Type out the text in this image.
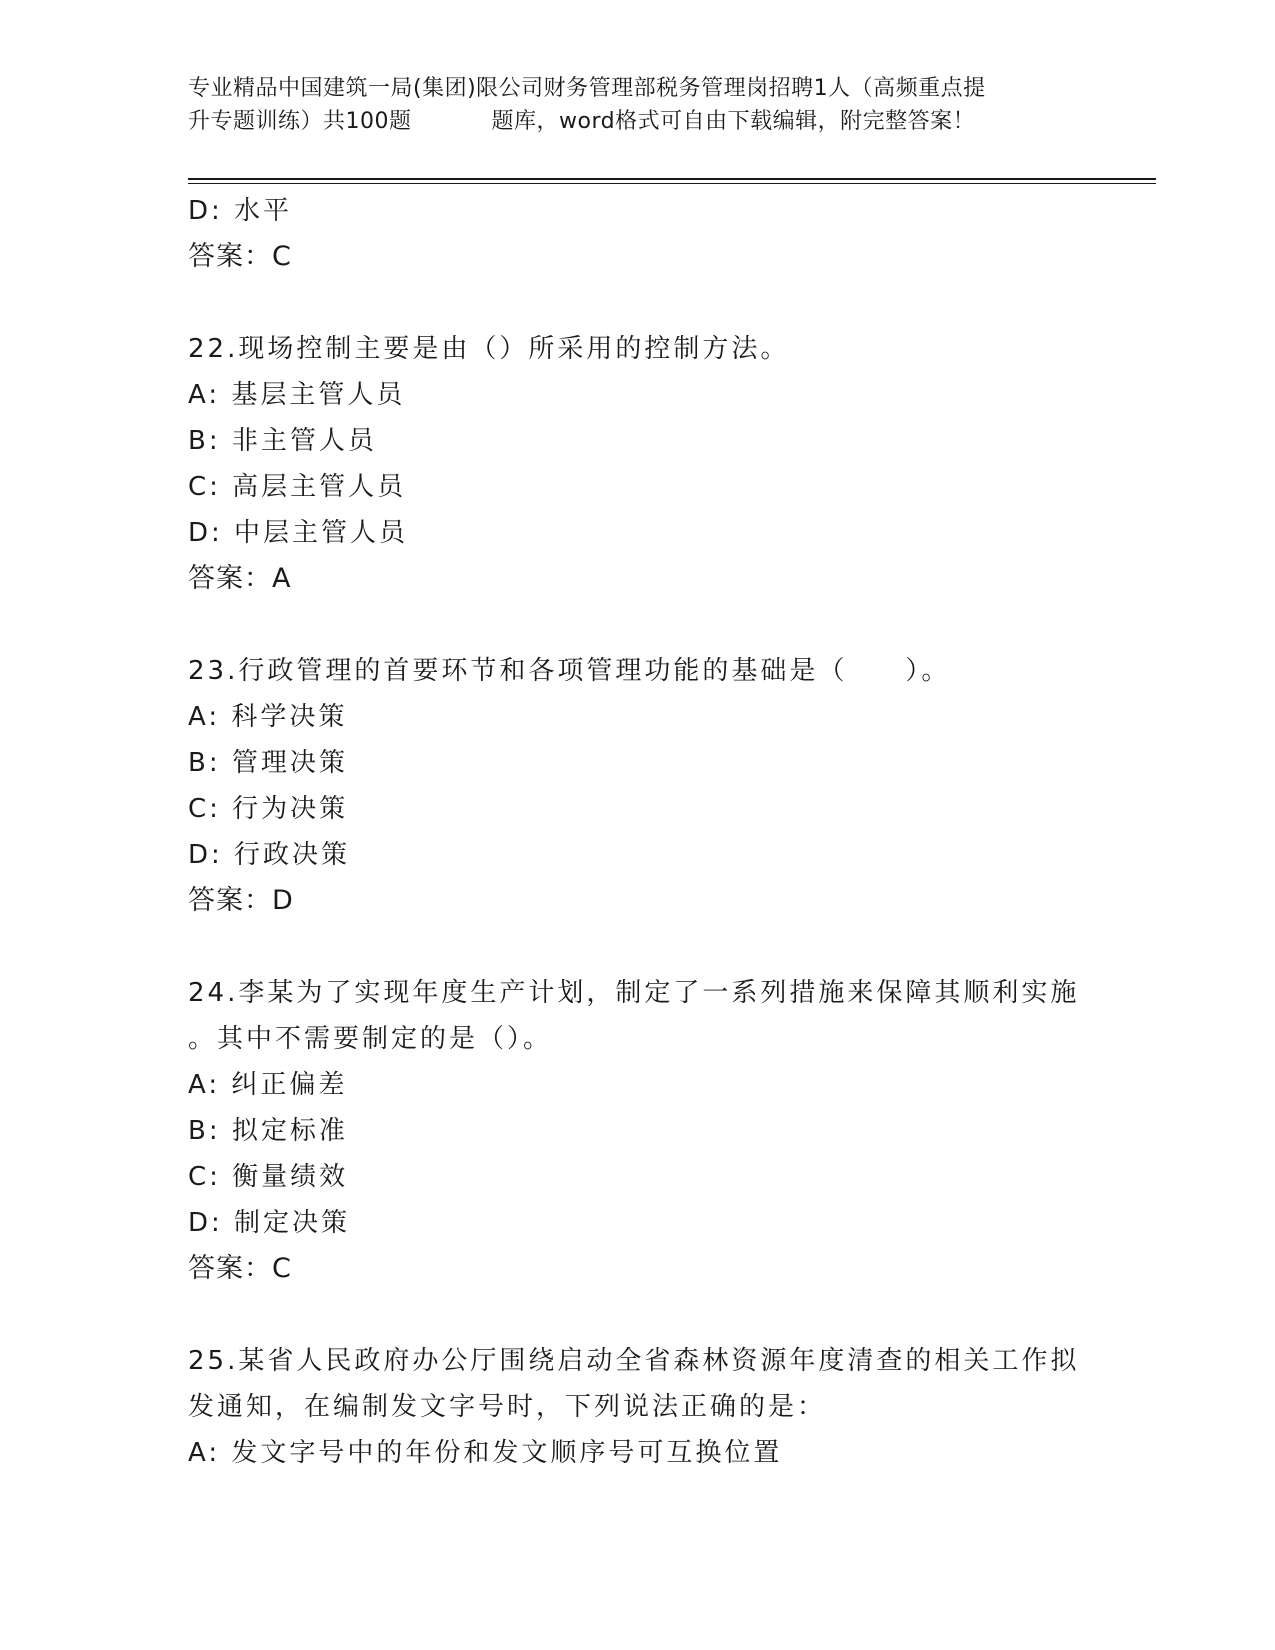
专业精品中国建筑一局(集团)限公司财务管理部税务管理岗招聘1人（高频重点提
升专题训练）共100题	题库，word格式可自由下载编辑，附完整答案！
D: 水平
答案：C
22.现场控制主要是由（）所采用的控制方法。
A: 基层主管人员
B: 非主管人员
C: 高层主管人员
D: 中层主管人员
答案：A
23.行政管理的首要环节和各项管理功能的基础是（　　）。
A: 科学决策
B: 管理决策
C: 行为决策
D: 行政决策
答案：D
24.李某为了实现年度生产计划，制定了一系列措施来保障其顺利实施
。其中不需要制定的是（）。
A: 纠正偏差
B: 拟定标准
C: 衡量绩效
D: 制定决策
答案：C
25.某省人民政府办公厅围绕启动全省森林资源年度清查的相关工作拟
发通知，在编制发文字号时，下列说法正确的是：
A: 发文字号中的年份和发文顺序号可互换位置
